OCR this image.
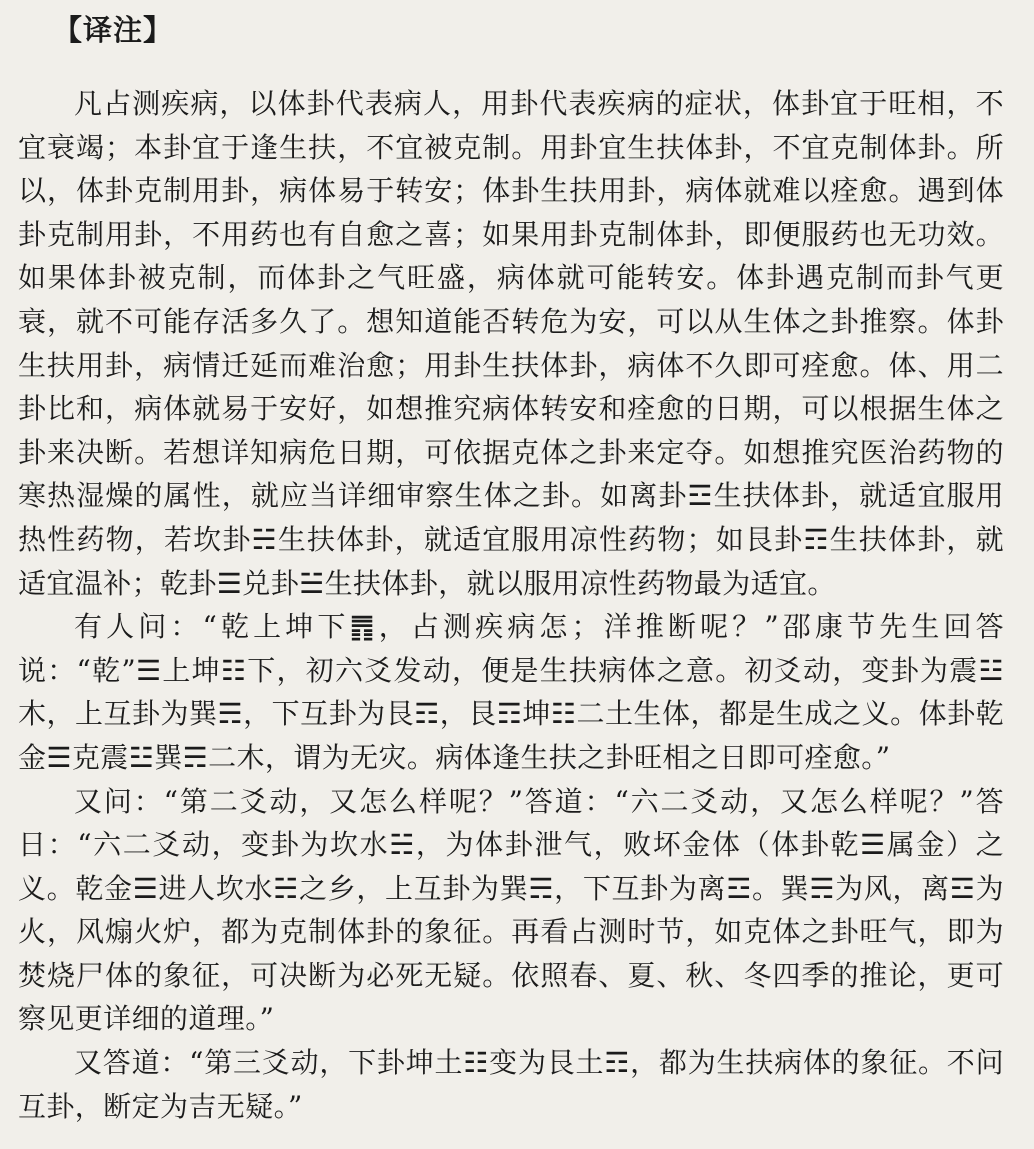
【译注】

凡占测疾病，以体卦代表病人，用卦代表疾病的症状，体卦宜于旺相，不宜衰竭；本卦宜于逢生扶，不宜被克制。用卦宜生扶体卦，不宜克制体卦。所以，体卦克制用卦，病体易于转安；体卦生扶用卦，病体就难以痊愈。遇到体卦克制用卦，不用药也有自愈之喜；如果用卦克制体卦，即便服药也无功效。如果体卦被克制，而体卦之气旺盛，病体就可能转安。体卦遇克制而卦气更衰，就不可能存活多久了。想知道能否转危为安，可以从生体之卦推察。体卦生扶用卦，病情迁延而难治愈；用卦生扶体卦，病体不久即可痊愈。体、用二卦比和，病体就易于安好，如想推究病体转安和痊愈的日期，可以根据生体之卦来决断。若想详知病危日期，可依据克体之卦来定夺。如想推究医治药物的寒热湿燥的属性，就应当详细审察生体之卦。如离卦☲生扶体卦，就适宜服用热性药物，若坎卦☵生扶体卦，就适宜服用凉性药物；如艮卦☶生扶体卦，就适宜温补；乾卦☰兑卦☱生扶体卦，就以服用凉性药物最为适宜。

有人问：“乾上坤下䷋，占测疾病怎；洋推断呢？”邵康节先生回答说：“乾”☰上坤☷下，初六爻发动，便是生扶病体之意。初爻动，变卦为震☳木，上互卦为巽☴，下互卦为艮☶，艮☶坤☷二土生体，都是生成之义。体卦乾金☰克震☳巽☴二木，谓为无灾。病体逢生扶之卦旺相之日即可痊愈。”

又问：“第二爻动，又怎么样呢？”答道：“六二爻动，又怎么样呢？”答日：“六二爻动，变卦为坎水☵，为体卦泄气，败坏金体（体卦乾☰属金）之义。乾金☰进人坎水☵之乡，上互卦为巽☴，下互卦为离☲。巽☴为风，离☲为火，风煽火炉，都为克制体卦的象征。再看占测时节，如克体之卦旺气，即为焚烧尸体的象征，可决断为必死无疑。依照春、夏、秋、冬四季的推论，更可察见更详细的道理。”

又答道：“第三爻动，下卦坤土☷变为艮土☶，都为生扶病体的象征。不问互卦，断定为吉无疑。”
